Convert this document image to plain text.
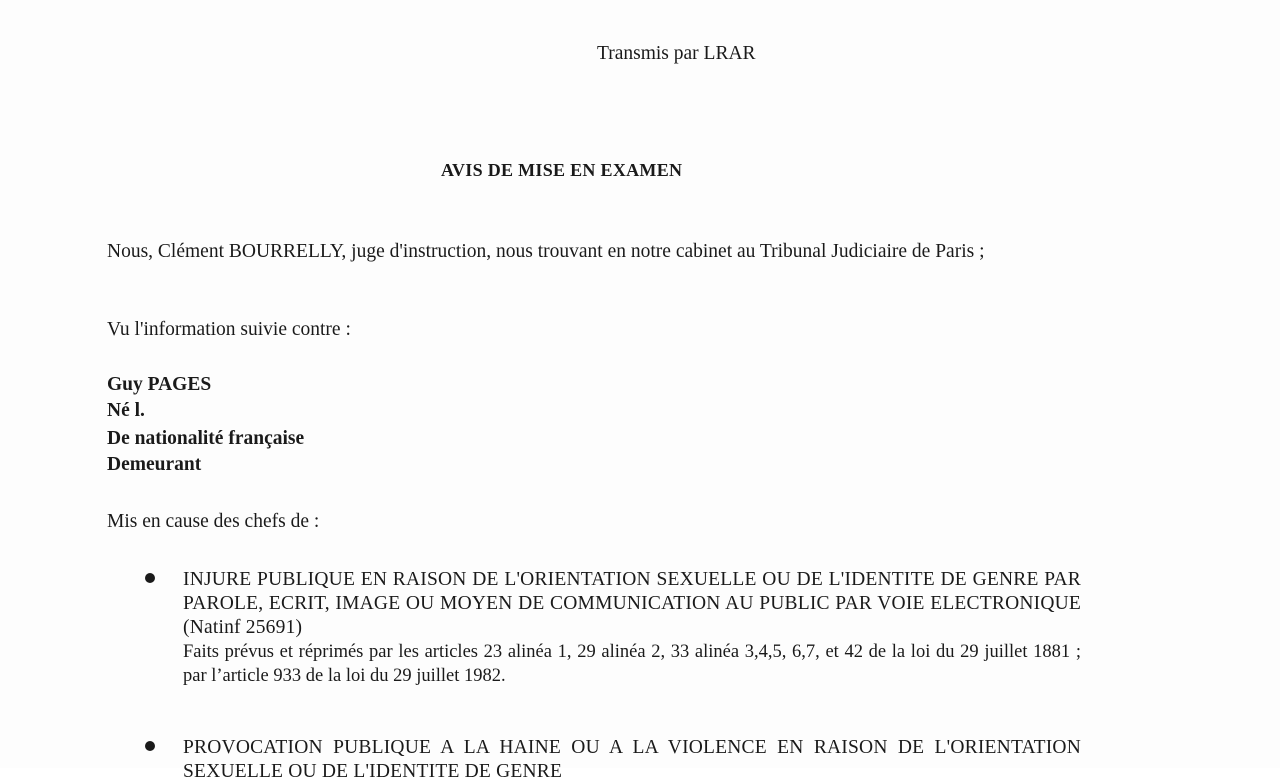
Transmis par LRAR
AVIS DE MISE EN EXAMEN
Nous, Clément BOURRELLY, juge d'instruction, nous trouvant en notre cabinet au Tribunal Judiciaire de Paris ;
Vu l'information suivie contre :
Guy PAGES
Né l.
De nationalité française
Demeurant
Mis en cause des chefs de :
INJURE PUBLIQUE EN RAISON DE L'ORIENTATION SEXUELLE OU DE L'IDENTITE DE GENRE PAR PAROLE, ECRIT, IMAGE OU MOYEN DE COMMUNICATION AU PUBLIC PAR VOIE ELECTRONIQUE (Natinf 25691)
Faits prévus et réprimés par les articles 23 alinéa 1, 29 alinéa 2, 33 alinéa 3,4,5, 6,7, et 42 de la loi du 29 juillet 1881 ; par l’article 933 de la loi du 29 juillet 1982.
PROVOCATION PUBLIQUE A LA HAINE OU A LA VIOLENCE EN RAISON DE L'ORIENTATION SEXUELLE OU DE L'IDENTITE DE GENRE
